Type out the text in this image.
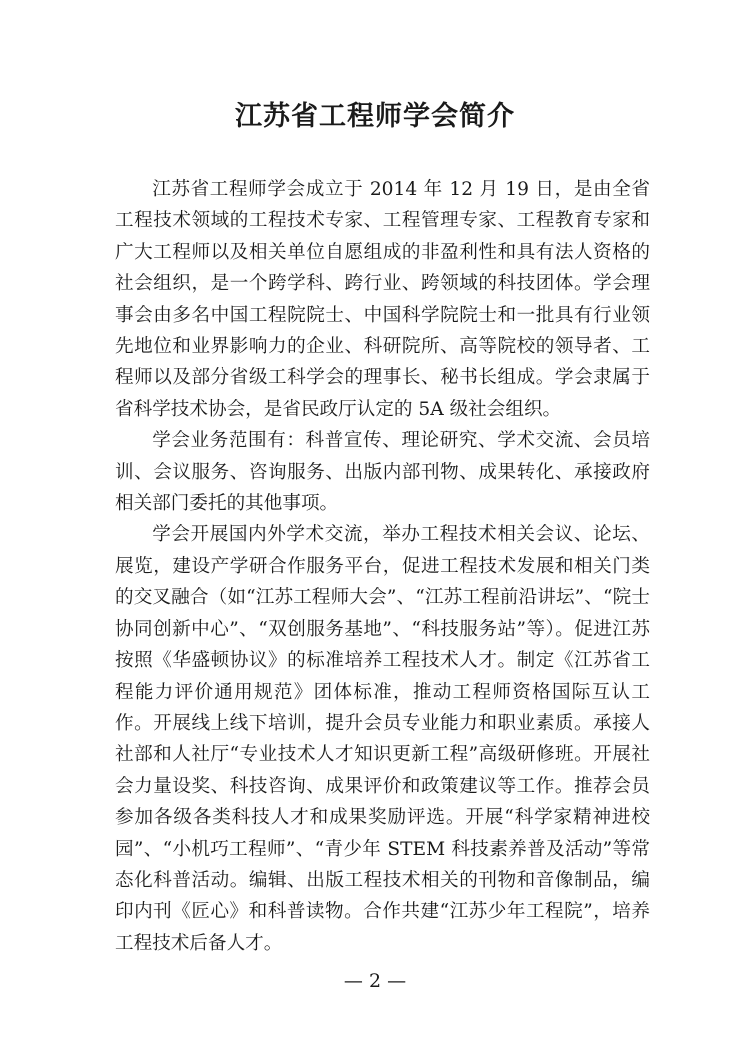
江苏省工程师学会简介

江苏省工程师学会成立于 2014 年 12 月 19 日，是由全省工程技术领域的工程技术专家、工程管理专家、工程教育专家和广大工程师以及相关单位自愿组成的非盈利性和具有法人资格的社会组织，是一个跨学科、跨行业、跨领域的科技团体。学会理事会由多名中国工程院院士、中国科学院院士和一批具有行业领先地位和业界影响力的企业、科研院所、高等院校的领导者、工程师以及部分省级工科学会的理事长、秘书长组成。学会隶属于省科学技术协会，是省民政厅认定的 5A 级社会组织。

学会业务范围有：科普宣传、理论研究、学术交流、会员培训、会议服务、咨询服务、出版内部刊物、成果转化、承接政府相关部门委托的其他事项。

学会开展国内外学术交流，举办工程技术相关会议、论坛、展览，建设产学研合作服务平台，促进工程技术发展和相关门类的交叉融合（如“江苏工程师大会”、“江苏工程前沿讲坛”、“院士协同创新中心”、“双创服务基地”、“科技服务站”等）。促进江苏按照《华盛顿协议》的标准培养工程技术人才。制定《江苏省工程能力评价通用规范》团体标准，推动工程师资格国际互认工作。开展线上线下培训，提升会员专业能力和职业素质。承接人社部和人社厅“专业技术人才知识更新工程”高级研修班。开展社会力量设奖、科技咨询、成果评价和政策建议等工作。推荐会员参加各级各类科技人才和成果奖励评选。开展“科学家精神进校园”、“小机巧工程师”、“青少年 STEM 科技素养普及活动”等常态化科普活动。编辑、出版工程技术相关的刊物和音像制品，编印内刊《匠心》和科普读物。合作共建“江苏少年工程院”，培养工程技术后备人才。

— 2 —
